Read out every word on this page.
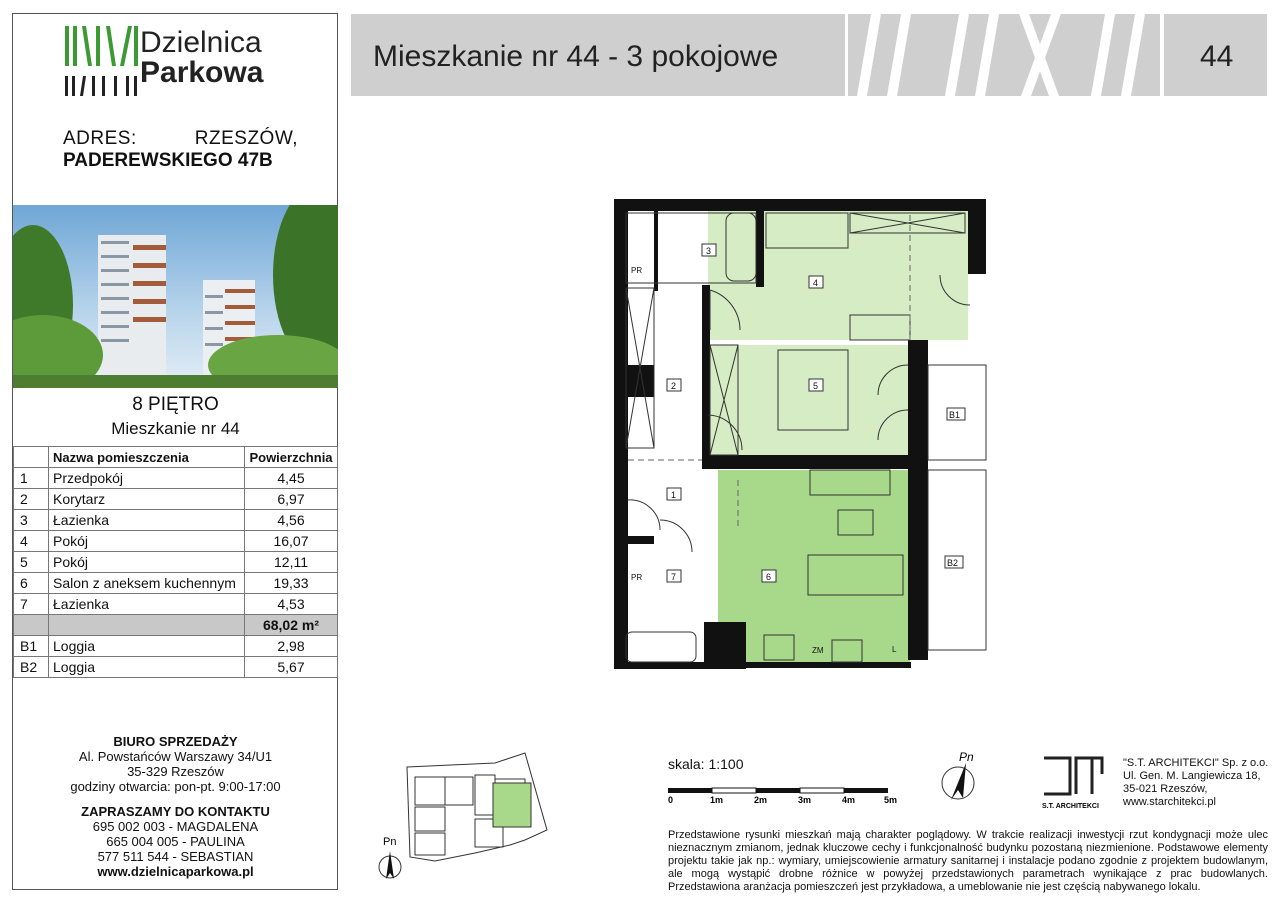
Dzielnica
Parkowa
ADRES:	RZESZÓW,
PADEREWSKIEGO 47B
8 PIĘTRO
Mieszkanie nr 44
	Nazwa pomieszczenia	Powierzchnia
1	Przedpokój	4,45
2	Korytarz	6,97
3	Łazienka	4,56
4	Pokój	16,07
5	Pokój	12,11
6	Salon z aneksem kuchennym	19,33
7	Łazienka	4,53
		68,02 m²
B1	Loggia	2,98
B2	Loggia	5,67
BIURO SPRZEDAŻY
Al. Powstańców Warszawy 34/U1
35-329 Rzeszów
godziny otwarcia: pon-pt. 9:00-17:00
ZAPRASZAMY DO KONTAKTU
695 002 003 - MAGDALENA
665 004 005 - PAULINA
577 511 544 - SEBASTIAN
www.dzielnicaparkowa.pl
Mieszkanie nr 44 - 3 pokojowe	44
3
4
5
2
1
6
7
B1
B2
PR
PR
ZM	L
Pn
skala: 1:100
0	1m	2m	3m	4m	5m
Pn
S.T. ARCHITEKCI
"S.T. ARCHITEKCI" Sp. z o.o.
Ul. Gen. M. Langiewicza 18,
35-021 Rzeszów,
www.starchitekci.pl
Przedstawione rysunki mieszkań mają charakter poglądowy. W trakcie realizacji inwestycji rzut kondygnacji może ulec nieznacznym zmianom, jednak kluczowe cechy i funkcjonalność budynku pozostaną niezmienione. Podstawowe elementy projektu takie jak np.: wymiary, umiejscowienie armatury sanitarnej i instalacje podano zgodnie z projektem budowlanym, ale mogą wystąpić drobne różnice w powyżej przedstawionych parametrach wynikające z prac budowlanych. Przedstawiona aranżacja pomieszczeń jest przykładowa, a umeblowanie nie jest częścią nabywanego lokalu.
